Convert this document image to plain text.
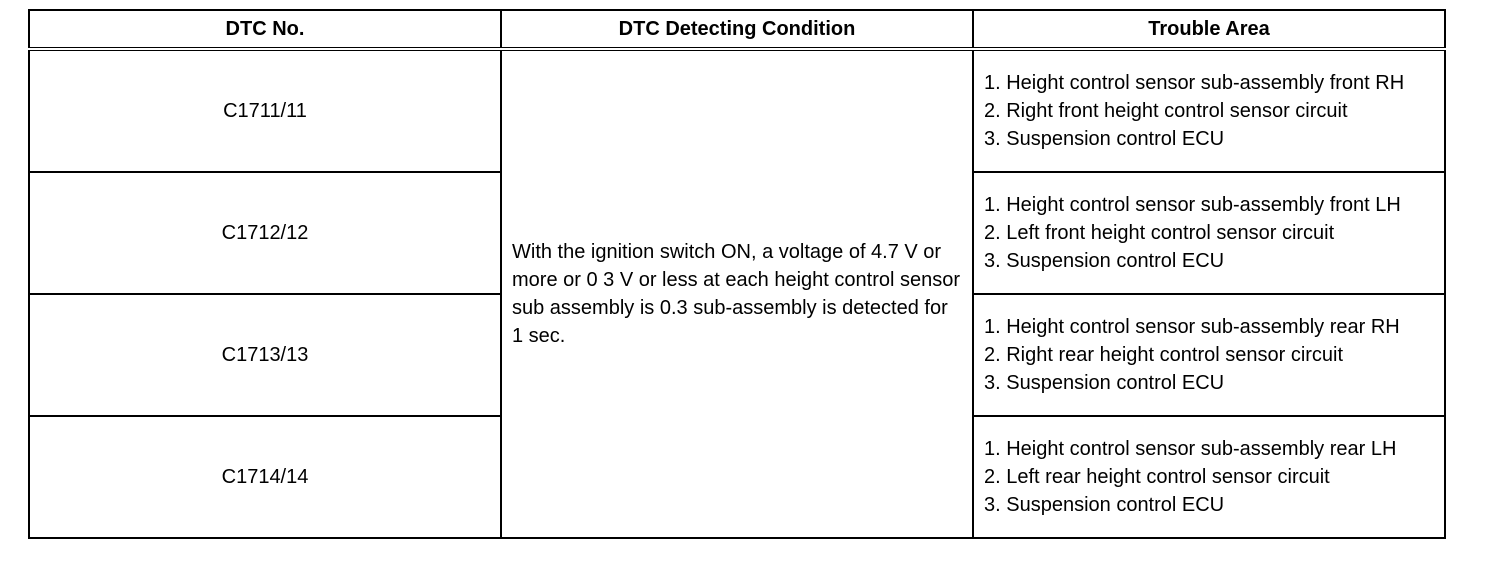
DTC No.	DTC Detecting Condition	Trouble Area
C1711/11	With the ignition switch ON, a voltage of 4.7 V or more or 0 3 V or less at each height control sensor sub assembly is 0.3 sub-assembly is detected for 1 sec.	1. Height control sensor sub-assembly front RH
2. Right front height control sensor circuit
3. Suspension control ECU

C1712/12		1. Height control sensor sub-assembly front LH
2. Left front height control sensor circuit
3. Suspension control ECU

C1713/13		1. Height control sensor sub-assembly rear RH
2. Right rear height control sensor circuit
3. Suspension control ECU

C1714/14		1. Height control sensor sub-assembly rear LH
2. Left rear height control sensor circuit
3. Suspension control ECU
